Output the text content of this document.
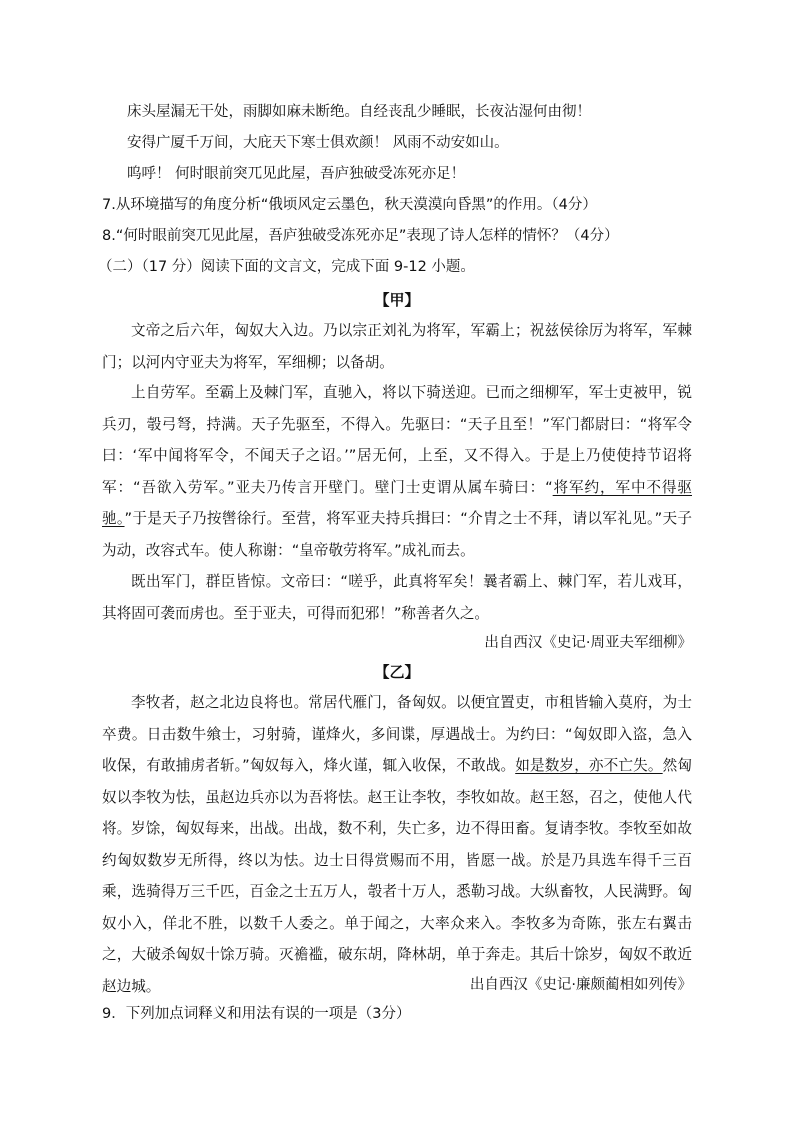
床头屋漏无干处，雨脚如麻未断绝。自经丧乱少睡眠，长夜沾湿何由彻！
安得广厦千万间，大庇天下寒士俱欢颜！ 风雨不动安如山。
呜呼！ 何时眼前突兀见此屋，吾庐独破受冻死亦足！
7.从环境描写的角度分析“俄顷风定云墨色，秋天漠漠向昏黑”的作用。（4分）
8.“何时眼前突兀见此屋，吾庐独破受冻死亦足”表现了诗人怎样的情怀？（4分）
（二）（17 分）阅读下面的文言文，完成下面 9-12 小题。
【甲】
文帝之后六年，匈奴大入边。乃以宗正刘礼为将军，军霸上；祝兹侯徐厉为将军，军棘门；以河内守亚夫为将军，军细柳；以备胡。
上自劳军。至霸上及棘门军，直驰入，将以下骑送迎。已而之细柳军，军士吏被甲，锐兵刃，彀弓弩，持满。天子先驱至，不得入。先驱曰：“天子且至！”军门都尉曰：“将军令曰：‘军中闻将军令，不闻天子之诏。’”居无何，上至，又不得入。于是上乃使使持节诏将军：“吾欲入劳军。”亚夫乃传言开壁门。壁门士吏谓从属车骑曰：“将军约，军中不得驱驰。”于是天子乃按辔徐行。至营，将军亚夫持兵揖曰：“介胄之士不拜，请以军礼见。”天子为动，改容式车。使人称谢：“皇帝敬劳将军。”成礼而去。
既出军门，群臣皆惊。文帝曰：“嗟乎，此真将军矣！曩者霸上、棘门军，若儿戏耳，其将固可袭而虏也。至于亚夫，可得而犯邪！”称善者久之。
出自西汉《史记·周亚夫军细柳》
【乙】
李牧者，赵之北边良将也。常居代雁门，备匈奴。以便宜置吏，市租皆输入莫府，为士卒费。日击数牛飨士，习射骑，谨烽火，多间谍，厚遇战士。为约曰：“匈奴即入盗，急入收保，有敢捕虏者斩。”匈奴每入，烽火谨，辄入收保，不敢战。如是数岁，亦不亡失。然匈奴以李牧为怯，虽赵边兵亦以为吾将怯。赵王让李牧，李牧如故。赵王怒，召之，使他人代将。 岁馀，匈奴每来，出战。出战，数不利，失亡多，边不得田畜。复请李牧。李牧至如故约匈奴数岁无所得，终以为怯。边士日得赏赐而不用，皆愿一战。於是乃具选车得千三百乘，选骑得万三千匹，百金之士五万人，彀者十万人，悉勒习战。大纵畜牧，人民满野。匈奴小入，佯北不胜，以数千人委之。单于闻之，大率众来入。李牧多为奇陈，张左右翼击之，大破杀匈奴十馀万骑。灭襜褴，破东胡，降林胡，单于奔走。其后十馀岁，匈奴不敢近赵边城。	出自西汉《史记·廉颇蔺相如列传》
9．下列加点词释义和用法有误的一项是（3分）
